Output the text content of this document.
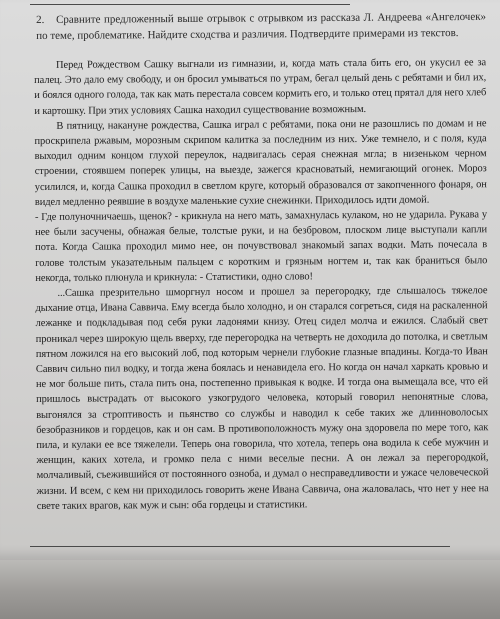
2. Сравните предложенный выше отрывок с отрывком из рассказа Л. Андреева «Ангелочек» по теме, проблематике. Найдите сходства и различия. Подтвердите примерами из текстов.

Перед Рождеством Сашку выгнали из гимназии, и, когда мать стала бить его, он укусил ее за палец. Это дало ему свободу, и он бросил умываться по утрам, бегал целый день с ребятами и бил их, и боялся одного голода, так как мать перестала совсем кормить его, и только отец прятал для него хлеб и картошку. При этих условиях Сашка находил существование возможным.

В пятницу, накануне рождества, Сашка играл с ребятами, пока они не разошлись по домам и не проскрипела ржавым, морозным скрипом калитка за последним из них. Уже темнело, и с поля, куда выходил одним концом глухой переулок, надвигалась серая снежная мгла; в низеньком черном строении, стоявшем поперек улицы, на выезде, зажегся красноватый, немигающий огонек. Мороз усилился, и, когда Сашка проходил в светлом круге, который образовался от закопченного фонаря, он видел медленно реявшие в воздухе маленькие сухие снежинки. Приходилось идти домой.

- Где полуночничаешь, щенок? - крикнула на него мать, замахнулась кулаком, но не ударила. Рукава у нее были засучены, обнажая белые, толстые руки, и на безбровом, плоском лице выступали капли пота. Когда Сашка проходил мимо нее, он почувствовал знакомый запах водки. Мать почесала в голове толстым указательным пальцем с коротким и грязным ногтем и, так как браниться было некогда, только плюнула и крикнула: - Статистики, одно слово!

...Сашка презрительно шморгнул носом и прошел за перегородку, где слышалось тяжелое дыхание отца, Ивана Саввича. Ему всегда было холодно, и он старался согреться, сидя на раскаленной лежанке и подкладывая под себя руки ладонями книзу. Отец сидел молча и ежился. Слабый свет проникал через широкую щель вверху, где перегородка на четверть не доходила до потолка, и светлым пятном ложился на его высокий лоб, под которым чернели глубокие глазные впадины. Когда-то Иван Саввич сильно пил водку, и тогда жена боялась и ненавидела его. Но когда он начал харкать кровью и не мог больше пить, стала пить она, постепенно привыкая к водке. И тогда она вымещала все, что ей пришлось выстрадать от высокого узкогрудого человека, который говорил непонятные слова, выгонялся за строптивость и пьянство со службы и наводил к себе таких же длинноволосых безобразников и гордецов, как и он сам. В противоположность мужу она здоровела по мере того, как пила, и кулаки ее все тяжелели. Теперь она говорила, что хотела, теперь она водила к себе мужчин и женщин, каких хотела, и громко пела с ними веселые песни. А он лежал за перегородкой, молчаливый, съежившийся от постоянного озноба, и думал о несправедливости и ужасе человеческой жизни. И всем, с кем ни приходилось говорить жене Ивана Саввича, она жаловалась, что нет у нее на свете таких врагов, как муж и сын: оба гордецы и статистики.
